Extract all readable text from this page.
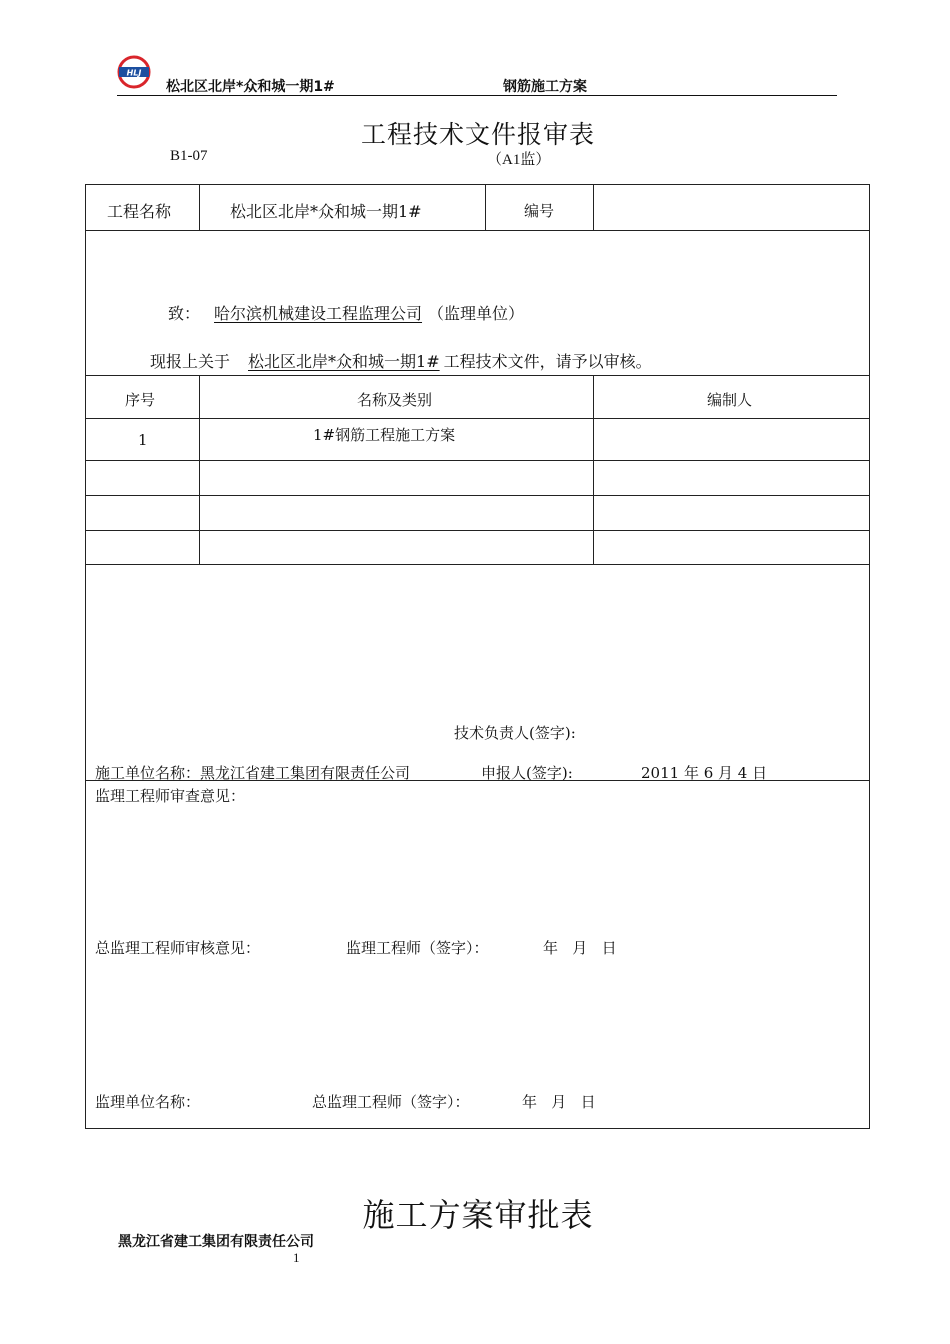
HLJ
松北区北岸*众和城一期1#	钢筋施工方案
工程技术文件报审表
B1-07	（A1监）
工程名称	松北区北岸*众和城一期1#	编号
致： 哈尔滨机械建设工程监理公司 （监理单位）
现报上关于 松北区北岸*众和城一期1# 工程技术文件，请予以审核。
序号	名称及类别	编制人
1	1#钢筋工程施工方案
技术负责人(签字):
施工单位名称：黑龙江省建工集团有限责任公司	申报人(签字):	2011 年 6 月 4 日
监理工程师审查意见：
总监理工程师审核意见：	监理工程师（签字）：	年   月   日
监理单位名称：	总监理工程师（签字）：	年   月   日
施工方案审批表
黑龙江省建工集团有限责任公司
1
